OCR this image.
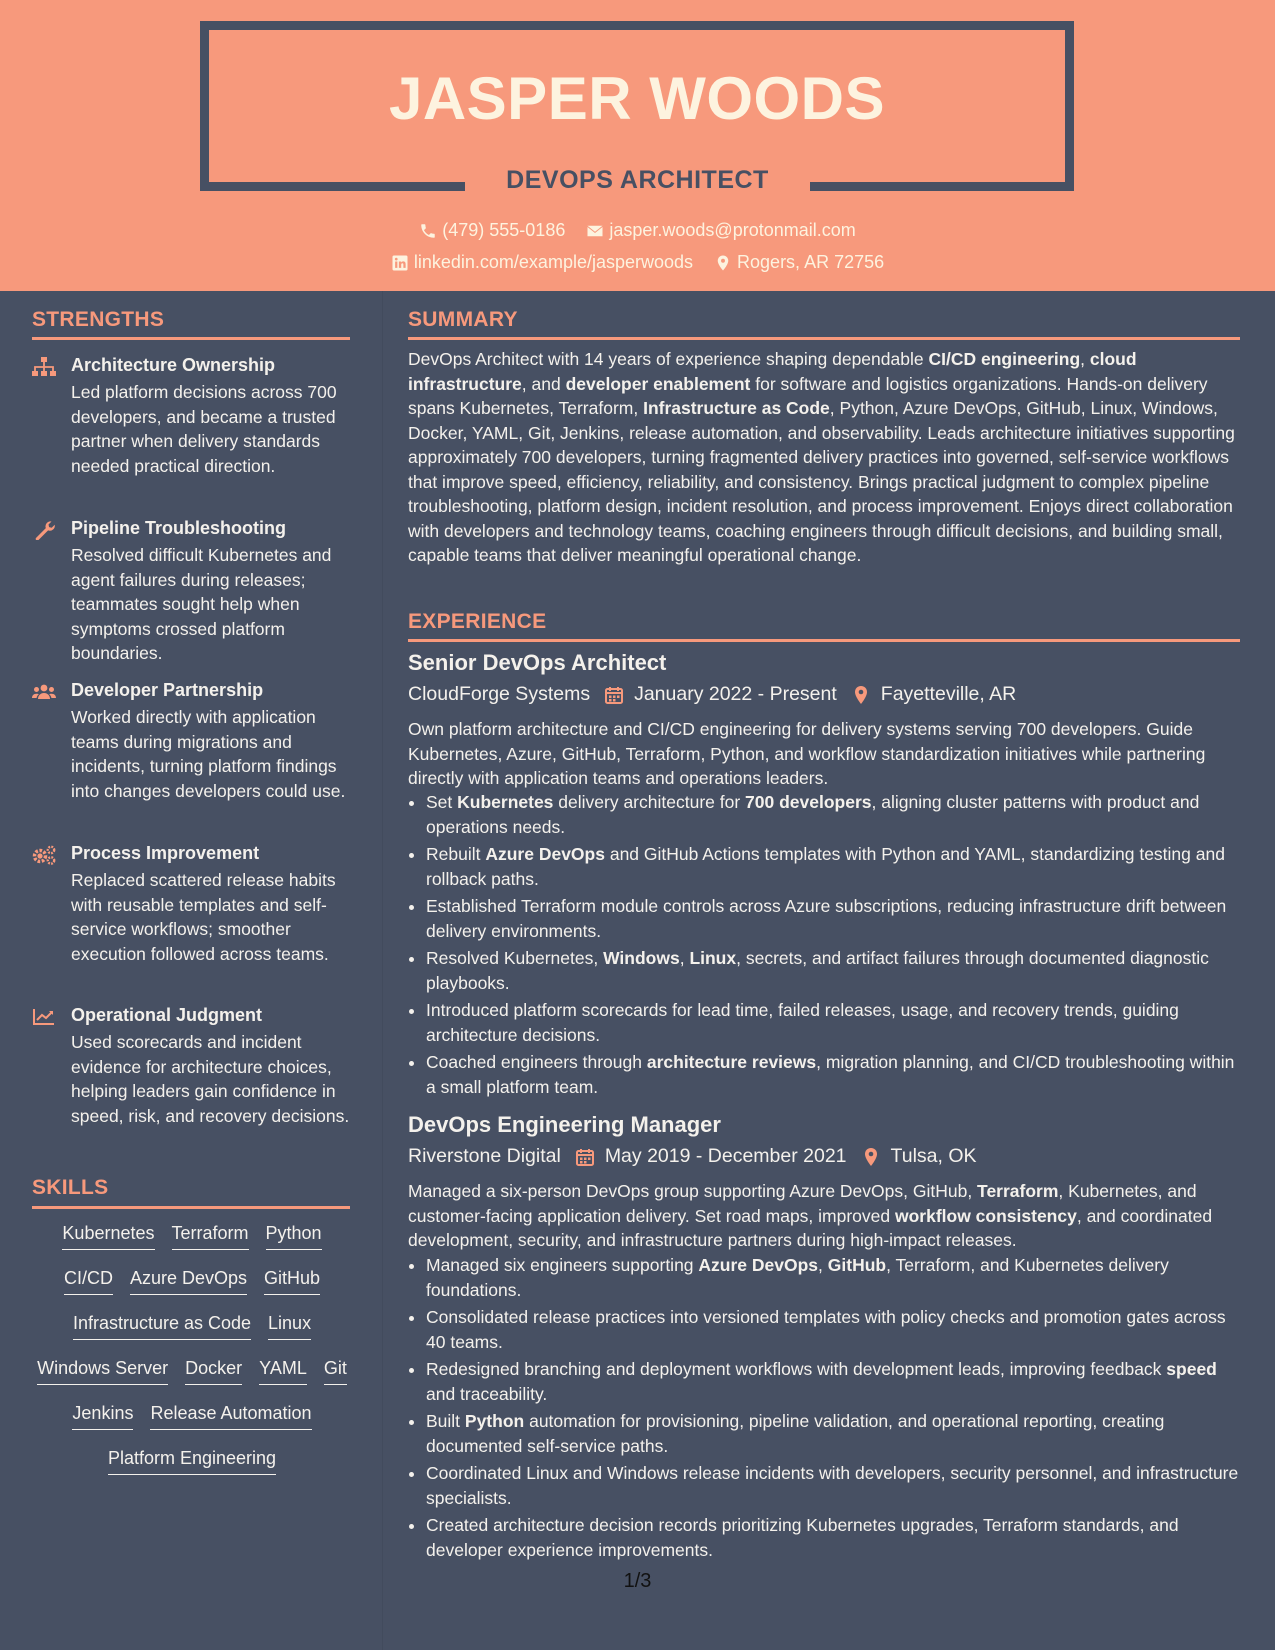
JASPER WOODS
DEVOPS ARCHITECT
(479) 555-0186
jasper.woods@protonmail.com
linkedin.com/example/jasperwoods
Rogers, AR 72756
STRENGTHS
Architecture Ownership
Led platform decisions across 700 developers, and became a trusted partner when delivery standards needed practical direction.
Pipeline Troubleshooting
Resolved difficult Kubernetes and agent failures during releases; teammates sought help when symptoms crossed platform boundaries.
Developer Partnership
Worked directly with application teams during migrations and incidents, turning platform findings into changes developers could use.
Process Improvement
Replaced scattered release habits with reusable templates and self-service workflows; smoother execution followed across teams.
Operational Judgment
Used scorecards and incident evidence for architecture choices, helping leaders gain confidence in speed, risk, and recovery decisions.
SKILLS
Kubernetes Terraform Python
CI/CD Azure DevOps GitHub
Infrastructure as Code Linux
Windows Server Docker YAML Git
Jenkins Release Automation
Platform Engineering
SUMMARY
DevOps Architect with 14 years of experience shaping dependable CI/CD engineering, cloud infrastructure, and developer enablement for software and logistics organizations. Hands-on delivery spans Kubernetes, Terraform, Infrastructure as Code, Python, Azure DevOps, GitHub, Linux, Windows, Docker, YAML, Git, Jenkins, release automation, and observability. Leads architecture initiatives supporting approximately 700 developers, turning fragmented delivery practices into governed, self-service workflows that improve speed, efficiency, reliability, and consistency. Brings practical judgment to complex pipeline troubleshooting, platform design, incident resolution, and process improvement. Enjoys direct collaboration with developers and technology teams, coaching engineers through difficult decisions, and building small, capable teams that deliver meaningful operational change.
EXPERIENCE
Senior DevOps Architect
CloudForge Systems January 2022 - Present Fayetteville, AR
Own platform architecture and CI/CD engineering for delivery systems serving 700 developers. Guide Kubernetes, Azure, GitHub, Terraform, Python, and workflow standardization initiatives while partnering directly with application teams and operations leaders.
• Set Kubernetes delivery architecture for 700 developers, aligning cluster patterns with product and operations needs.
• Rebuilt Azure DevOps and GitHub Actions templates with Python and YAML, standardizing testing and rollback paths.
• Established Terraform module controls across Azure subscriptions, reducing infrastructure drift between delivery environments.
• Resolved Kubernetes, Windows, Linux, secrets, and artifact failures through documented diagnostic playbooks.
• Introduced platform scorecards for lead time, failed releases, usage, and recovery trends, guiding architecture decisions.
• Coached engineers through architecture reviews, migration planning, and CI/CD troubleshooting within a small platform team.
DevOps Engineering Manager
Riverstone Digital May 2019 - December 2021 Tulsa, OK
Managed a six-person DevOps group supporting Azure DevOps, GitHub, Terraform, Kubernetes, and customer-facing application delivery. Set road maps, improved workflow consistency, and coordinated development, security, and infrastructure partners during high-impact releases.
• Managed six engineers supporting Azure DevOps, GitHub, Terraform, and Kubernetes delivery foundations.
• Consolidated release practices into versioned templates with policy checks and promotion gates across 40 teams.
• Redesigned branching and deployment workflows with development leads, improving feedback speed and traceability.
• Built Python automation for provisioning, pipeline validation, and operational reporting, creating documented self-service paths.
• Coordinated Linux and Windows release incidents with developers, security personnel, and infrastructure specialists.
• Created architecture decision records prioritizing Kubernetes upgrades, Terraform standards, and developer experience improvements.
1/3
